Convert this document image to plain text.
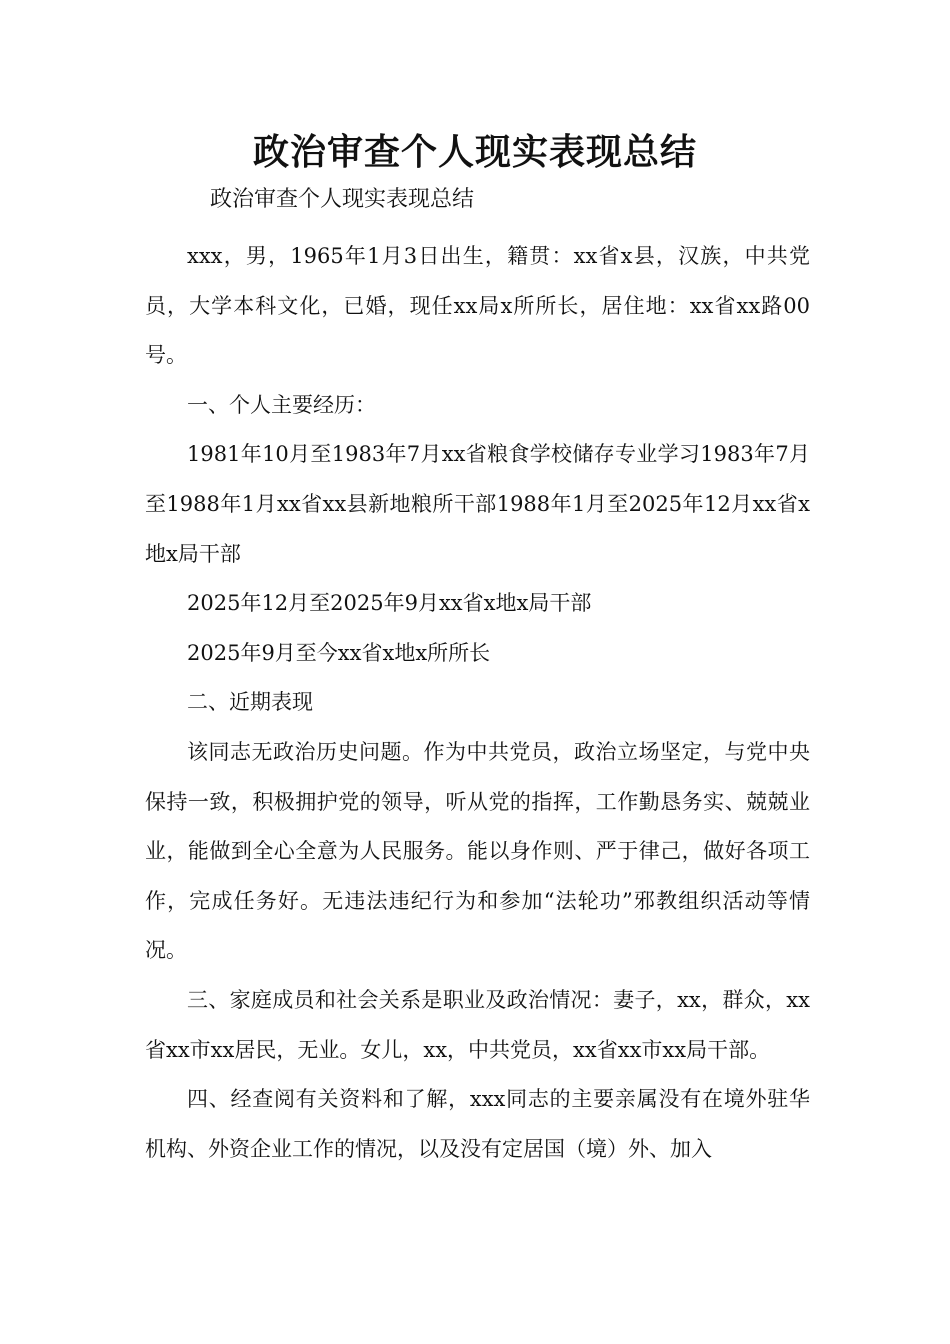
政治审查个人现实表现总结

政治审查个人现实表现总结

xxx，男，1965年1月3日出生，籍贯：xx省x县，汉族，中共党员，大学本科文化，已婚，现任xx局x所所长，居住地：xx省xx路00号。

一、个人主要经历：

1981年10月至1983年7月xx省粮食学校储存专业学习1983年7月至1988年1月xx省xx县新地粮所干部1988年1月至2025年12月xx省x地x局干部

2025年12月至2025年9月xx省x地x局干部

2025年9月至今xx省x地x所所长

二、近期表现

该同志无政治历史问题。作为中共党员，政治立场坚定，与党中央保持一致，积极拥护党的领导，听从党的指挥，工作勤恳务实、兢兢业业，能做到全心全意为人民服务。能以身作则、严于律己，做好各项工作，完成任务好。无违法违纪行为和参加“法轮功”邪教组织活动等情况。

三、家庭成员和社会关系是职业及政治情况：妻子，xx，群众，xx省xx市xx居民，无业。女儿，xx，中共党员，xx省xx市xx局干部。

四、经查阅有关资料和了解，xxx同志的主要亲属没有在境外驻华机构、外资企业工作的情况，以及没有定居国（境）外、加入
